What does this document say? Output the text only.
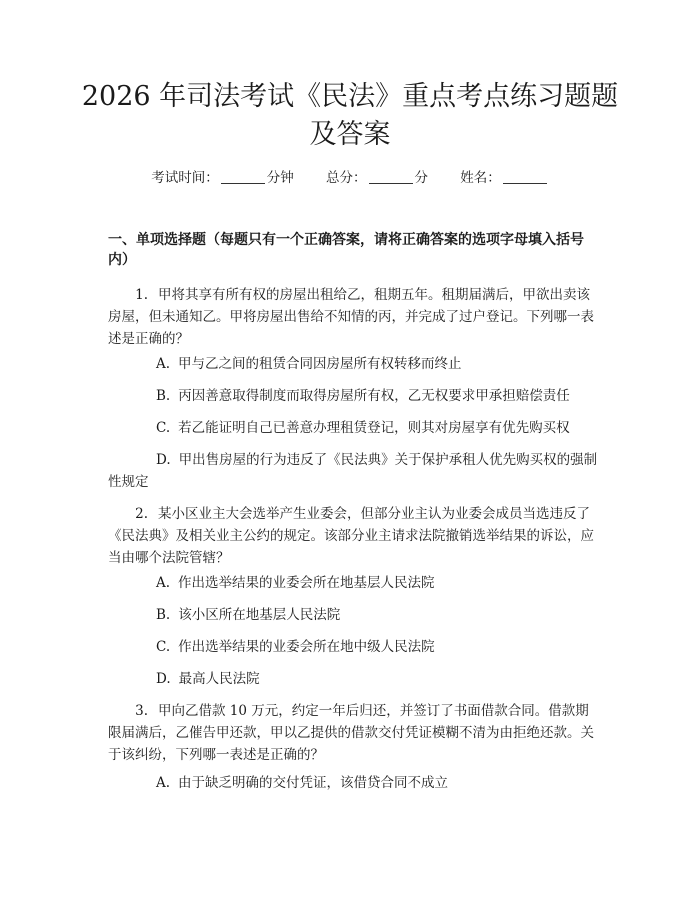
2026 年司法考试《民法》重点考点练习题题
及答案
考试时间：	分钟 总分：	分 姓名：

一、单项选择题（每题只有一个正确答案，请将正确答案的选项字母填入括号内）

1. 甲将其享有所有权的房屋出租给乙，租期五年。租期届满后，甲欲出卖该房屋，但未通知乙。甲将房屋出售给不知情的丙，并完成了过户登记。下列哪一表述是正确的？

A. 甲与乙之间的租赁合同因房屋所有权转移而终止

B. 丙因善意取得制度而取得房屋所有权，乙无权要求甲承担赔偿责任

C. 若乙能证明自己已善意办理租赁登记，则其对房屋享有优先购买权

D. 甲出售房屋的行为违反了《民法典》关于保护承租人优先购买权的强制性规定

2. 某小区业主大会选举产生业委会，但部分业主认为业委会成员当选违反了《民法典》及相关业主公约的规定。该部分业主请求法院撤销选举结果的诉讼，应当由哪个法院管辖？

A. 作出选举结果的业委会所在地基层人民法院

B. 该小区所在地基层人民法院

C. 作出选举结果的业委会所在地中级人民法院

D. 最高人民法院

3. 甲向乙借款 10 万元，约定一年后归还，并签订了书面借款合同。借款期限届满后，乙催告甲还款，甲以乙提供的借款交付凭证模糊不清为由拒绝还款。关于该纠纷，下列哪一表述是正确的？

A. 由于缺乏明确的交付凭证，该借贷合同不成立
